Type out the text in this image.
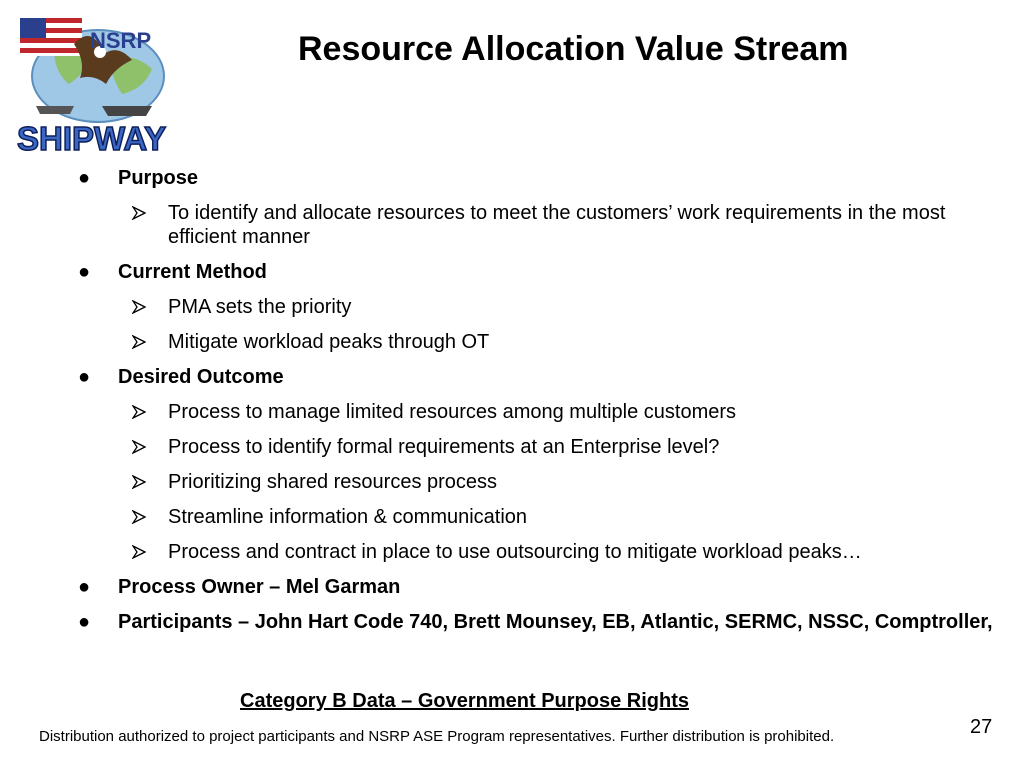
NSRP
SHIPWAY
Resource Allocation Value Stream
● Purpose
To identify and allocate resources to meet the customers’ work requirements in the most efficient manner
● Current Method
PMA sets the priority
Mitigate workload peaks through OT
● Desired Outcome
Process to manage limited resources among multiple customers
Process to identify formal requirements at an Enterprise level?
Prioritizing shared resources process
Streamline information & communication
Process and contract in place to use outsourcing to mitigate workload peaks…
● Process Owner – Mel Garman
● Participants – John Hart Code 740, Brett Mounsey, EB, Atlantic, SERMC, NSSC, Comptroller,
Category B Data – Government Purpose Rights
Distribution authorized to project participants and NSRP ASE Program representatives. Further distribution is prohibited.	27
